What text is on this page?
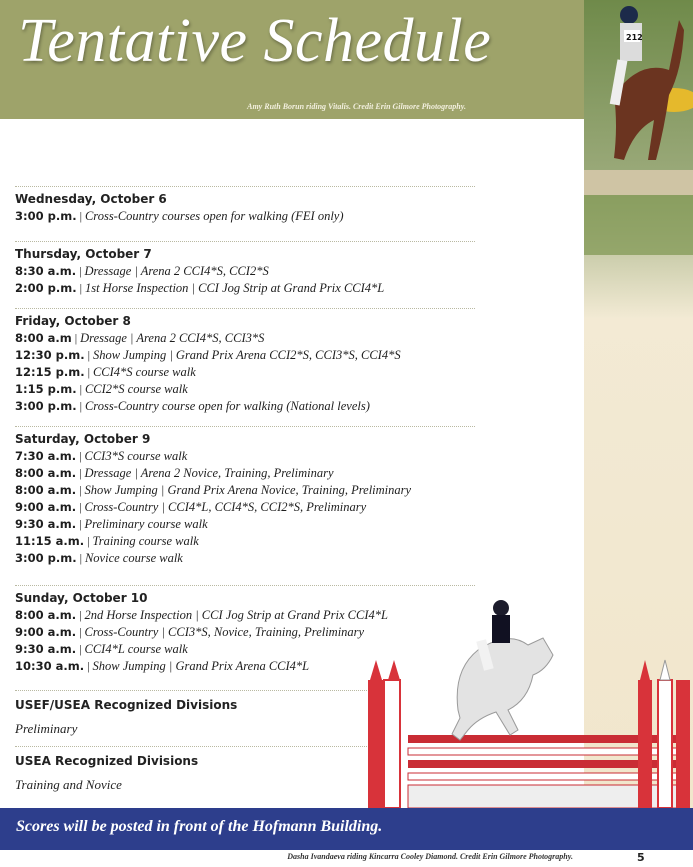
Tentative Schedule
Amy Ruth Borun riding Vitalis. Credit Erin Gilmore Photography.
212
Wednesday, October 6
3:00 p.m. | Cross-Country courses open for walking (FEI only)
Thursday, October 7
8:30 a.m. | Dressage | Arena 2 CCI4*S, CCI2*S
2:00 p.m. | 1st Horse Inspection | CCI Jog Strip at Grand Prix CCI4*L
Friday, October 8
8:00 a.m | Dressage | Arena 2 CCI4*S, CCI3*S
12:30 p.m. | Show Jumping | Grand Prix Arena CCI2*S, CCI3*S, CCI4*S
12:15 p.m. | CCI4*S course walk
1:15 p.m. | CCI2*S course walk
3:00 p.m. | Cross-Country course open for walking (National levels)
Saturday, October 9
7:30 a.m. | CCI3*S course walk
8:00 a.m. | Dressage | Arena 2 Novice, Training, Preliminary
8:00 a.m. | Show Jumping | Grand Prix Arena Novice, Training, Preliminary
9:00 a.m. | Cross-Country | CCI4*L, CCI4*S, CCI2*S, Preliminary
9:30 a.m. | Preliminary course walk
11:15 a.m. | Training course walk
3:00 p.m. | Novice course walk
Sunday, October 10
8:00 a.m. | 2nd Horse Inspection | CCI Jog Strip at Grand Prix CCI4*L
9:00 a.m. | Cross-Country | CCI3*S, Novice, Training, Preliminary
9:30 a.m. | CCI4*L course walk
10:30 a.m. | Show Jumping | Grand Prix Arena CCI4*L
USEF/USEA Recognized Divisions
Preliminary
USEA Recognized Divisions
Training and Novice
Scores will be posted in front of the Hofmann Building.
Dasha Ivandaeva riding Kincarra Cooley Diamond. Credit Erin Gilmore Photography.	5
